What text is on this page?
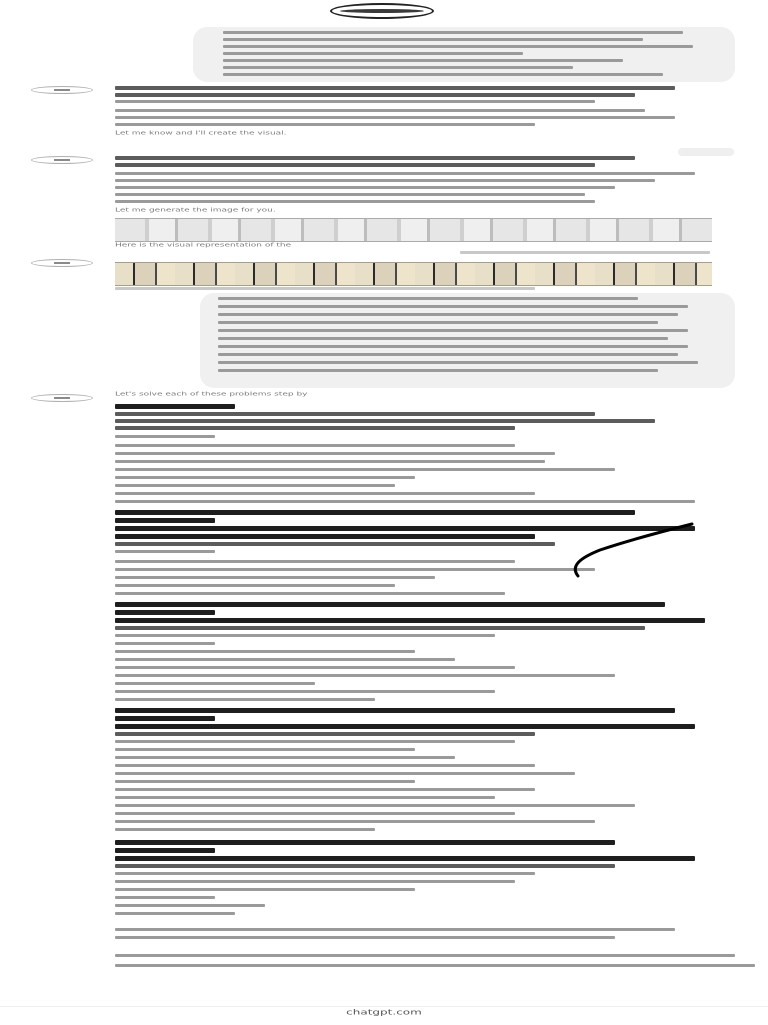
Let me know and I'll create the visual.
Let me generate the image for you.
Here is the visual representation of the
Let's solve each of these problems step by
chatgpt.com
